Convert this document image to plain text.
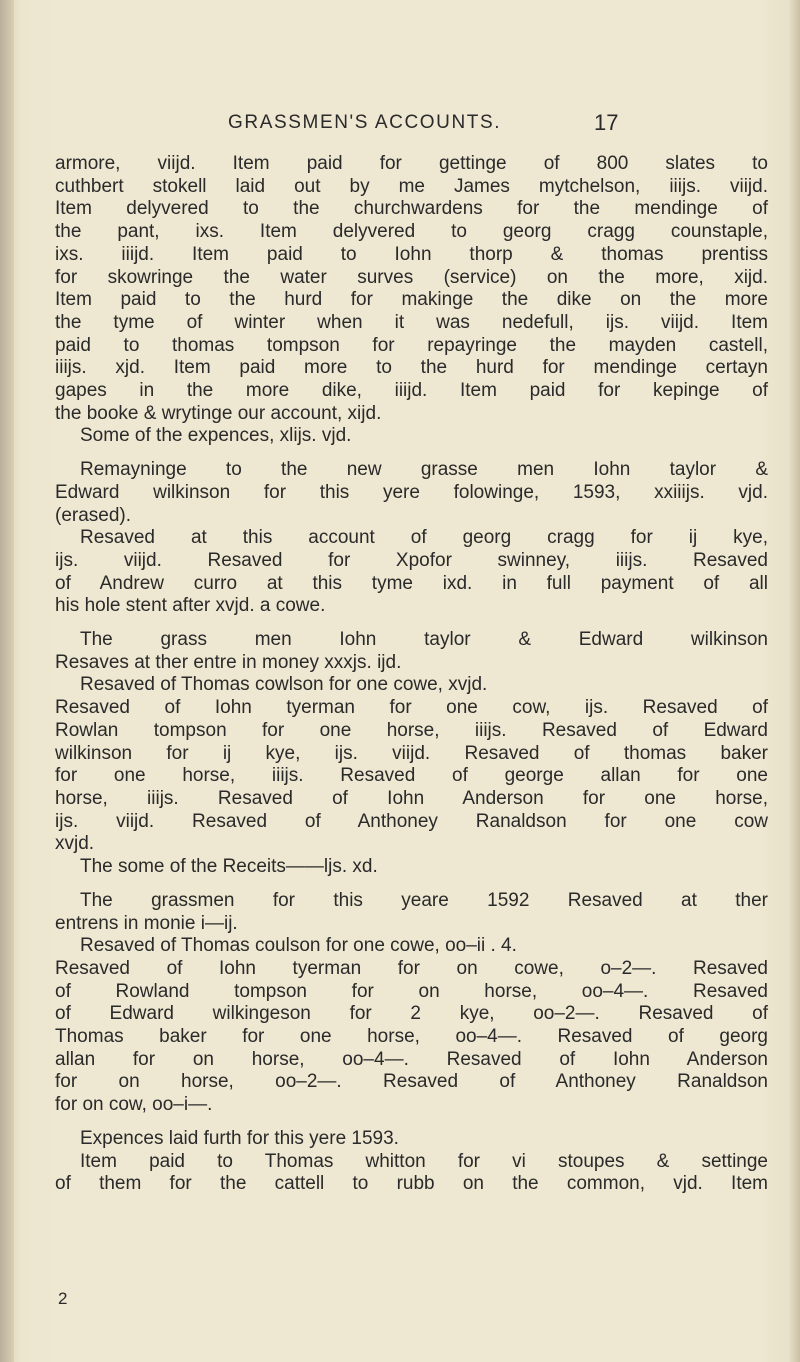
GRASSMEN'S ACCOUNTS.	17
armore, viijd. Item paid for gettinge of 800 slates to
cuthbert stokell laid out by me James mytchelson, iiijs. viijd.
Item delyvered to the churchwardens for the mendinge of
the pant, ixs. Item delyvered to georg cragg counstaple,
ixs. iiijd. Item paid to Iohn thorp & thomas prentiss
for skowringe the water surves (service) on the more, xijd.
Item paid to the hurd for makinge the dike on the more
the tyme of winter when it was nedefull, ijs. viijd. Item
paid to thomas tompson for repayringe the mayden castell,
iiijs. xjd. Item paid more to the hurd for mendinge certayn
gapes in the more dike, iiijd. Item paid for kepinge of
the booke & wrytinge our account, xijd.
Some of the expences, xlijs. vjd.
Remayninge to the new grasse men Iohn taylor &
Edward wilkinson for this yere folowinge, 1593, xxiiijs. vjd.
(erased).
Resaved at this account of georg cragg for ij kye,
ijs. viijd. Resaved for Xpofor swinney, iiijs. Resaved
of Andrew curro at this tyme ixd. in full payment of all
his hole stent after xvjd. a cowe.
The grass men Iohn taylor & Edward wilkinson
Resaves at ther entre in money xxxjs. ijd.
Resaved of Thomas cowlson for one cowe, xvjd.
Resaved of Iohn tyerman for one cow, ijs. Resaved of
Rowlan tompson for one horse, iiijs. Resaved of Edward
wilkinson for ij kye, ijs. viijd. Resaved of thomas baker
for one horse, iiijs. Resaved of george allan for one
horse, iiijs. Resaved of Iohn Anderson for one horse,
ijs. viijd. Resaved of Anthoney Ranaldson for one cow
xvjd.
The some of the Receits——ljs. xd.
The grassmen for this yeare 1592 Resaved at ther
entrens in monie i—ij.
Resaved of Thomas coulson for one cowe, oo–ii . 4.
Resaved of Iohn tyerman for on cowe, o–2—. Resaved
of Rowland tompson for on horse, oo–4—. Resaved
of Edward wilkingeson for 2 kye, oo–2—. Resaved of
Thomas baker for one horse, oo–4—. Resaved of georg
allan for on horse, oo–4—. Resaved of Iohn Anderson
for on horse, oo–2—. Resaved of Anthoney Ranaldson
for on cow, oo–i—.
Expences laid furth for this yere 1593.
Item paid to Thomas whitton for vi stoupes & settinge
of them for the cattell to rubb on the common, vjd. Item
2
